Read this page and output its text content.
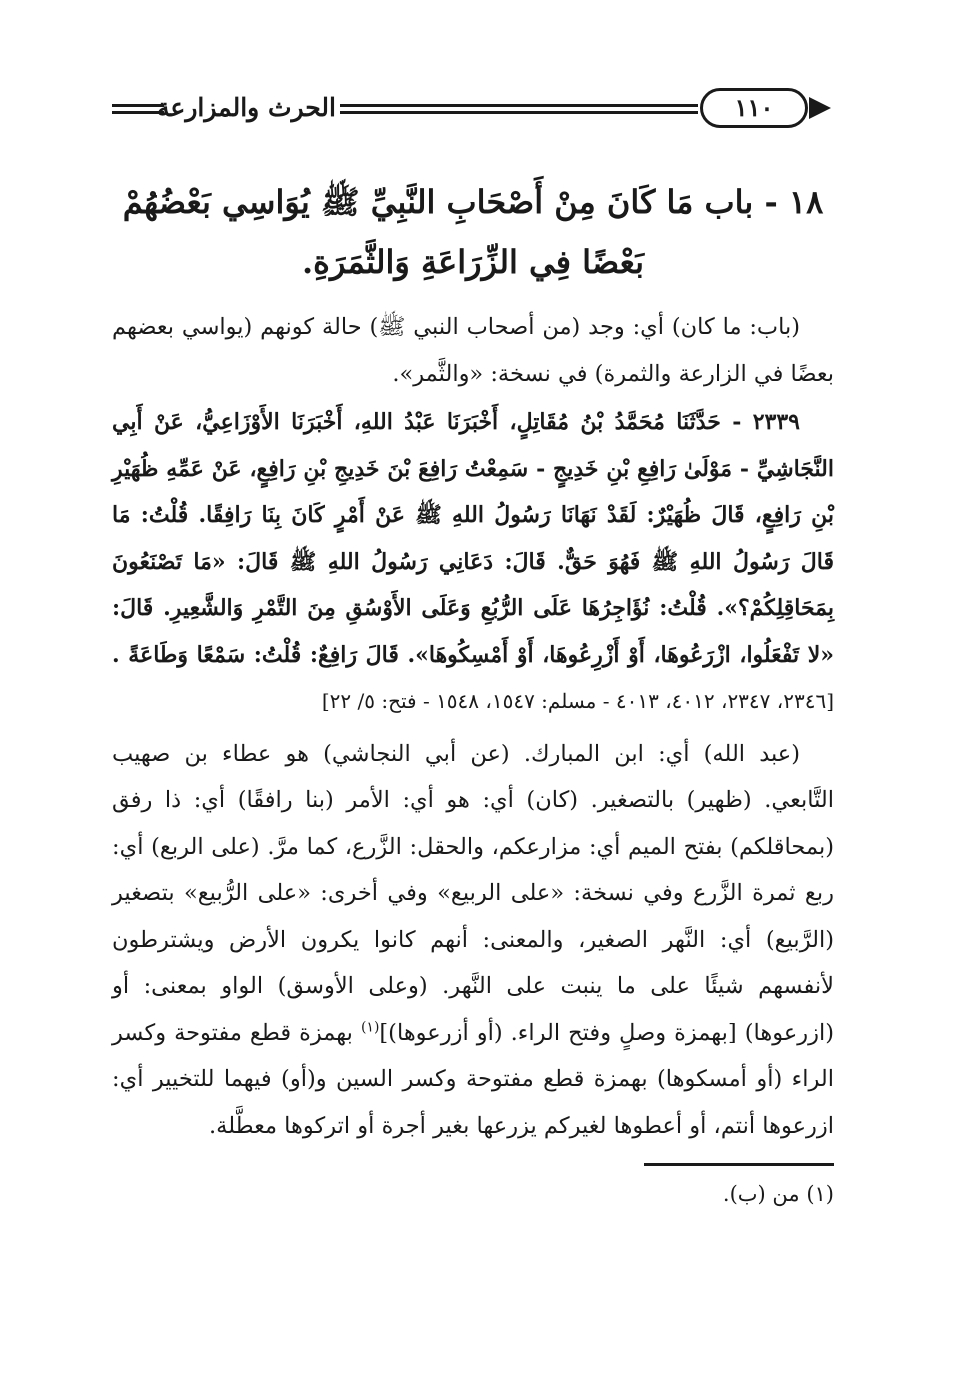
الحرث والمزارعة	١١٠
١٨ - باب مَا كَانَ مِنْ أَصْحَابِ النَّبِيِّ ﷺ يُوَاسِي بَعْضُهُمْ بَعْضًا فِي الزِّرَاعَةِ وَالثَّمَرَةِ.

(باب: ما كان) أي: وجد (من أصحاب النبي ﷺ) حالة كونهم (يواسي بعضهم بعضًا في الزارعة والثمرة) في نسخة: «والثَّمر».

٢٣٣٩ - حَدَّثَنَا مُحَمَّدُ بْنُ مُقَاتِلٍ، أَخْبَرَنَا عَبْدُ اللهِ، أَخْبَرَنَا الأَوْزَاعِيُّ، عَنْ أَبِي النَّجَاشِيِّ - مَوْلَىٰ رَافِعِ بْنِ خَدِيجٍ - سَمِعْتُ رَافِعَ بْنَ خَدِيجِ بْنِ رَافِعٍ، عَنْ عَمِّهِ ظُهَيْرِ بْنِ رَافِعٍ، قَالَ ظُهَيْرٌ: لَقَدْ نَهَانَا رَسُولُ اللهِ ﷺ عَنْ أَمْرٍ كَانَ بِنَا رَافِقًا. قُلْتُ: مَا قَالَ رَسُولُ اللهِ ﷺ فَهُوَ حَقٌّ. قَالَ: دَعَانِي رَسُولُ اللهِ ﷺ قَالَ: «مَا تَصْنَعُونَ بِمَحَاقِلِكُمْ؟». قُلْتُ: نُؤَاجِرُهَا عَلَى الرُّبُعِ وَعَلَى الأَوْسُقِ مِنَ التَّمْرِ وَالشَّعِيرِ. قَالَ: «لا تَفْعَلُوا، ازْرَعُوهَا، أَوْ أَزْرِعُوهَا، أَوْ أَمْسِكُوهَا». قَالَ رَافِعٌ: قُلْتُ: سَمْعًا وَطَاعَةً .[٢٣٤٦، ٢٣٤٧، ٤٠١٢، ٤٠١٣ - مسلم: ١٥٤٧، ١٥٤٨ - فتح: ٥/ ٢٢]

(عبد الله) أي: ابن المبارك. (عن أبي النجاشي) هو عطاء بن صهيب التَّابعي. (ظهير) بالتصغير. (كان) أي: هو أي: الأمر (بنا رافقًا) أي: ذا رفق (بمحاقلكم) بفتح الميم أي: مزارعكم، والحقل: الزَّرع، كما مرَّ. (على الربع) أي: ربع ثمرة الزَّرع وفي نسخة: «على الربيع» وفي أخرى: «على الرُّبيع» بتصغير (الرَّبيع) أي: النَّهر الصغير، والمعنى: أنهم كانوا يكرون الأرض ويشترطون لأنفسهم شيئًا على ما ينبت على النَّهر. (وعلى الأوسق) الواو بمعنى: أو (ازرعوها) [بهمزة وصلٍ وفتح الراء. (أو أزرعوها)]$^{(١)}$ بهمزة قطع مفتوحة وكسر الراء (أو أمسكوها) بهمزة قطع مفتوحة وكسر السين و(أو) فيهما للتخيير أي: ازرعوها أنتم، أو أعطوها لغيركم يزرعها بغير أجرة أو اتركوها معطَّلة.

(١) من (ب).
